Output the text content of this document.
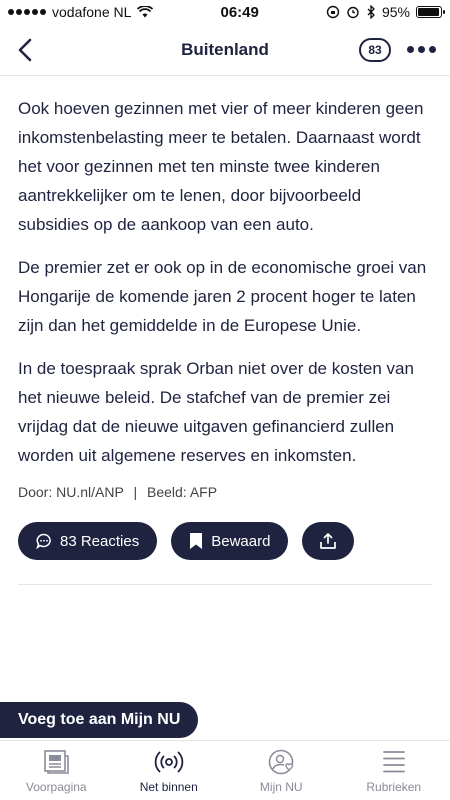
vodafone NL	06:49	95%
Buitenland	83

Ook hoeven gezinnen met vier of meer kinderen geen inkomstenbelasting meer te betalen. Daarnaast wordt het voor gezinnen met ten minste twee kinderen aantrekkelijker om te lenen, door bijvoorbeeld subsidies op de aankoop van een auto.

De premier zet er ook op in de economische groei van Hongarije de komende jaren 2 procent hoger te laten zijn dan het gemiddelde in de Europese Unie.

In de toespraak sprak Orban niet over de kosten van het nieuwe beleid. De stafchef van de premier zei vrijdag dat de nieuwe uitgaven gefinancierd zullen worden uit algemene reserves en inkomsten.

Door: NU.nl/ANP | Beeld: AFP
83 Reacties	Bewaard
Voeg toe aan Mijn NU
Voorpagina	Net binnen	Mijn NU	Rubrieken
